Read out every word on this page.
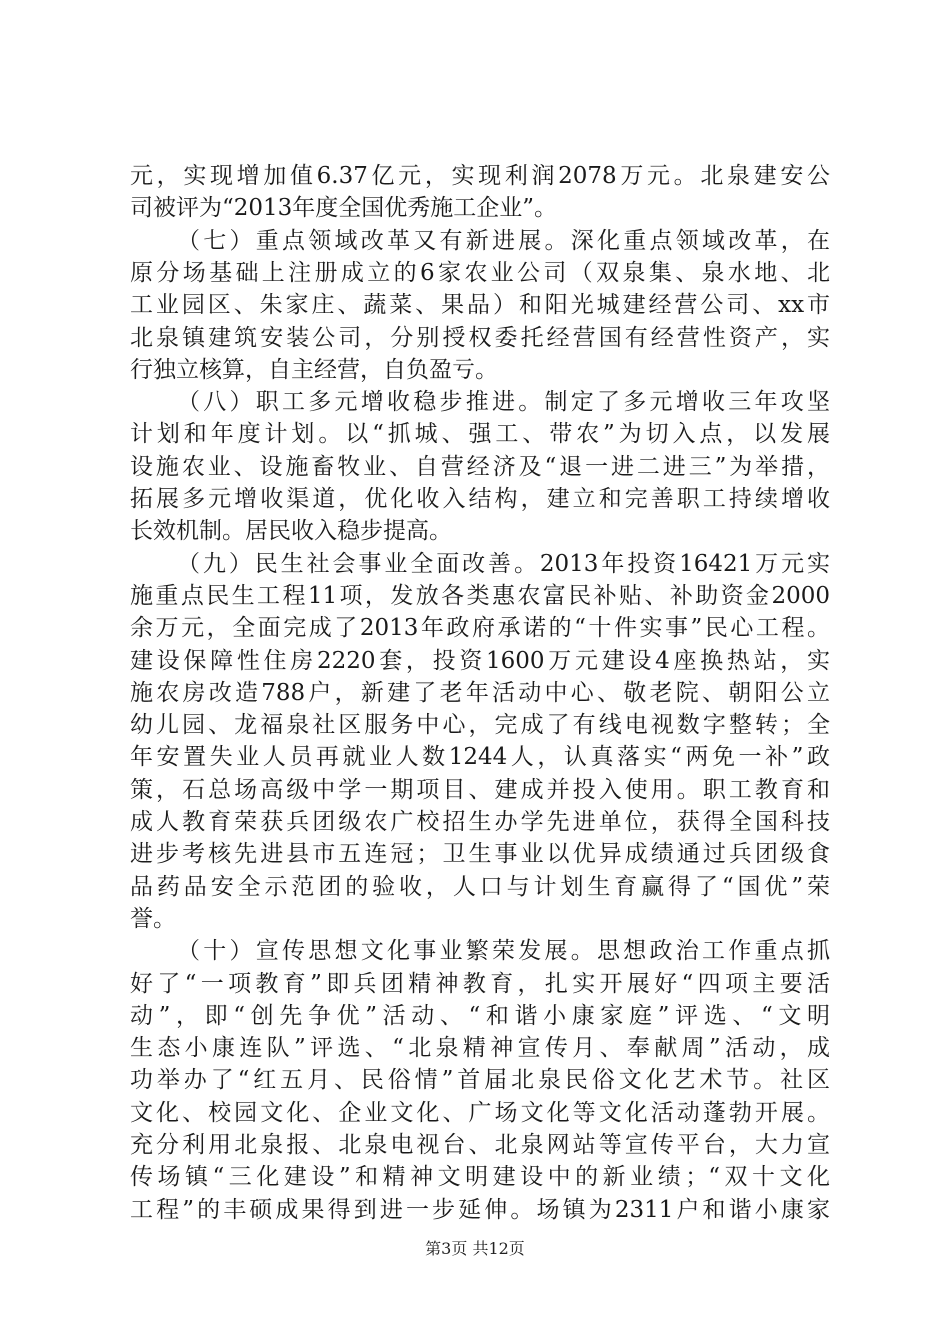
元，实现增加值6.37亿元，实现利润2078万元。北泉建安公
司被评为“2013年度全国优秀施工企业”。
（七）重点领域改革又有新进展。深化重点领域改革，在
原分场基础上注册成立的6家农业公司（双泉集、泉水地、北
工业园区、朱家庄、蔬菜、果品）和阳光城建经营公司、xx市
北泉镇建筑安装公司，分别授权委托经营国有经营性资产，实
行独立核算，自主经营，自负盈亏。
（八）职工多元增收稳步推进。制定了多元增收三年攻坚
计划和年度计划。以“抓城、强工、带农”为切入点，以发展
设施农业、设施畜牧业、自营经济及“退一进二进三”为举措，
拓展多元增收渠道，优化收入结构，建立和完善职工持续增收
长效机制。居民收入稳步提高。
（九）民生社会事业全面改善。2013年投资16421万元实
施重点民生工程11项，发放各类惠农富民补贴、补助资金2000
余万元，全面完成了2013年政府承诺的“十件实事”民心工程。
建设保障性住房2220套，投资1600万元建设4座换热站，实
施农房改造788户，新建了老年活动中心、敬老院、朝阳公立
幼儿园、龙福泉社区服务中心，完成了有线电视数字整转；全
年安置失业人员再就业人数1244人，认真落实“两免一补”政
策，石总场高级中学一期项目、建成并投入使用。职工教育和
成人教育荣获兵团级农广校招生办学先进单位，获得全国科技
进步考核先进县市五连冠；卫生事业以优异成绩通过兵团级食
品药品安全示范团的验收，人口与计划生育赢得了“国优”荣
誉。
（十）宣传思想文化事业繁荣发展。思想政治工作重点抓
好了“一项教育”即兵团精神教育，扎实开展好“四项主要活
动”，即“创先争优”活动、“和谐小康家庭”评选、“文明
生态小康连队”评选、“北泉精神宣传月、奉献周”活动，成
功举办了“红五月、民俗情”首届北泉民俗文化艺术节。社区
文化、校园文化、企业文化、广场文化等文化活动蓬勃开展。
充分利用北泉报、北泉电视台、北泉网站等宣传平台，大力宣
传场镇“三化建设”和精神文明建设中的新业绩；“双十文化
工程”的丰硕成果得到进一步延伸。场镇为2311户和谐小康家
第3页 共12页
